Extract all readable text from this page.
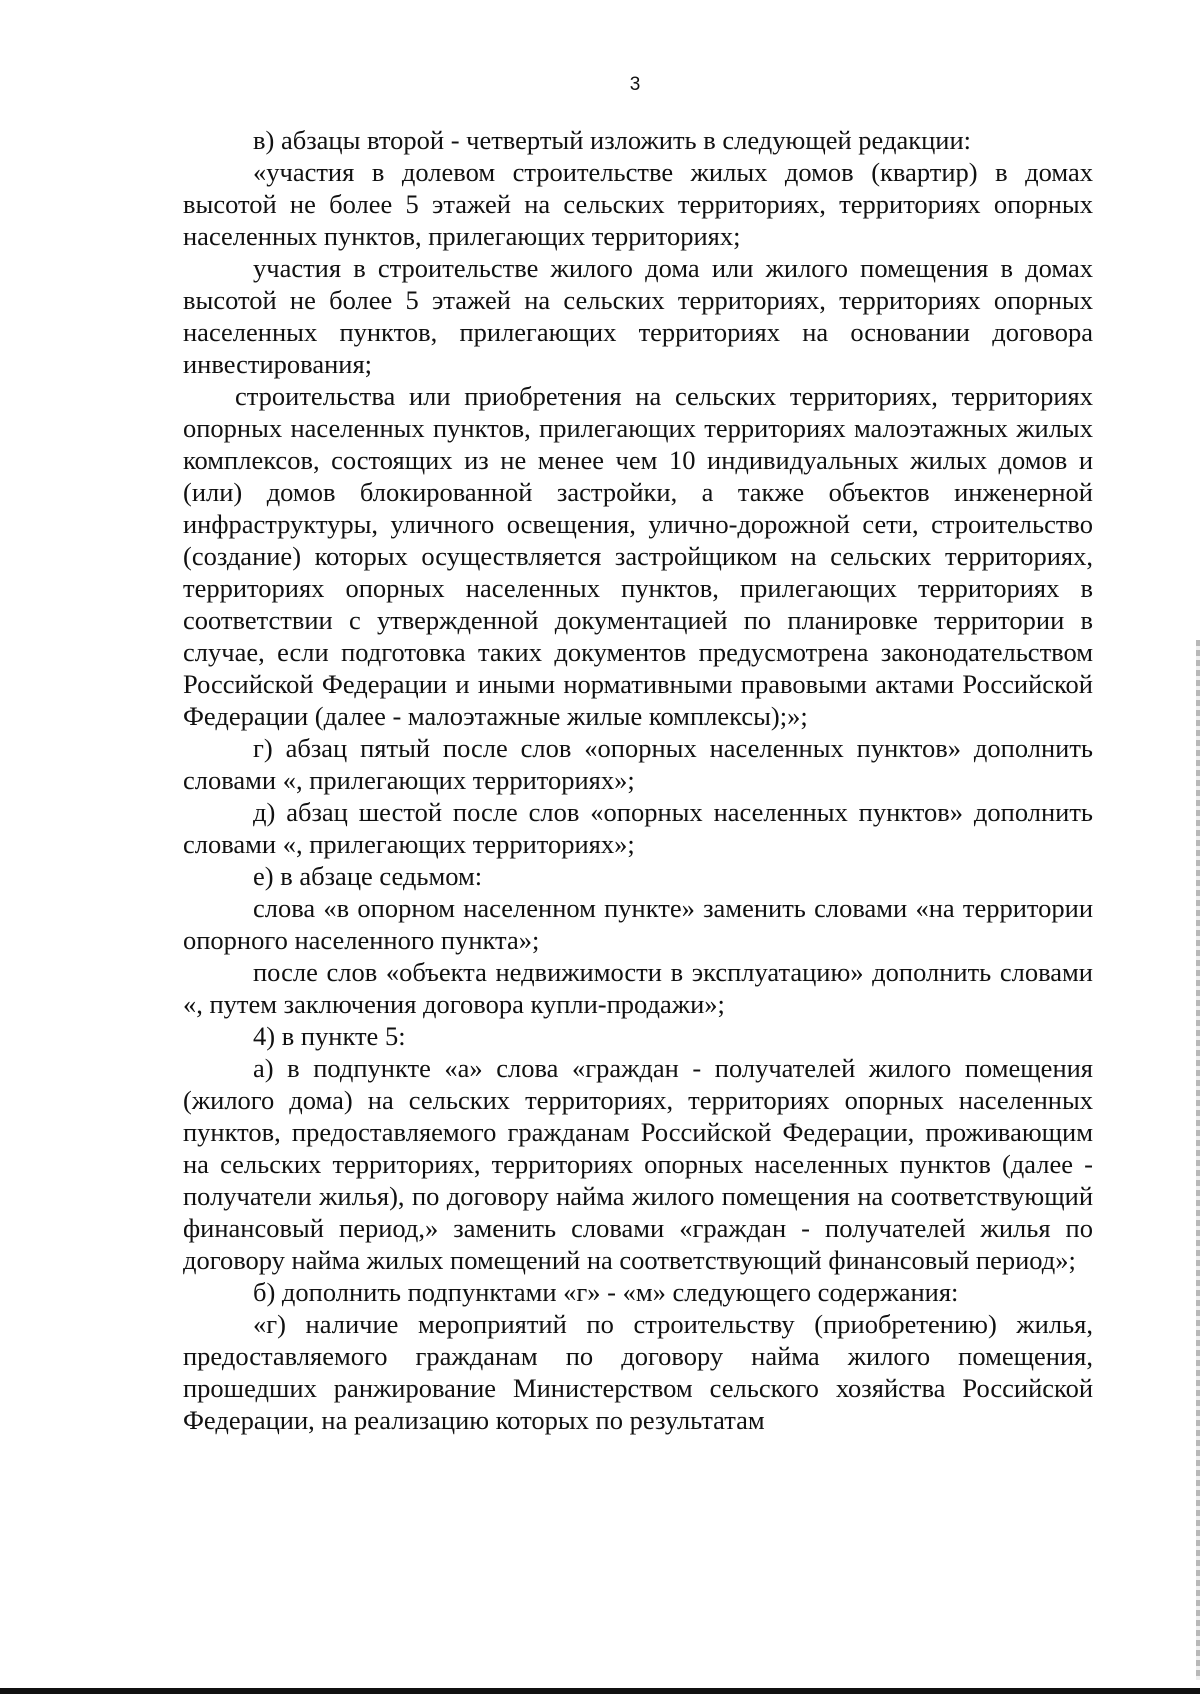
3

в) абзацы второй - четвертый изложить в следующей редакции:

«участия в долевом строительстве жилых домов (квартир) в домах высотой не более 5 этажей на сельских территориях, территориях опорных населенных пунктов, прилегающих территориях;

участия в строительстве жилого дома или жилого помещения в домах высотой не более 5 этажей на сельских территориях, территориях опорных населенных пунктов, прилегающих территориях на основании договора инвестирования;

строительства или приобретения на сельских территориях, территориях опорных населенных пунктов, прилегающих территориях малоэтажных жилых комплексов, состоящих из не менее чем 10 индивидуальных жилых домов и (или) домов блокированной застройки, а также объектов инженерной инфраструктуры, уличного освещения, улично-дорожной сети, строительство (создание) которых осуществляется застройщиком на сельских территориях, территориях опорных населенных пунктов, прилегающих территориях в соответствии с утвержденной документацией по планировке территории в случае, если подготовка таких документов предусмотрена законодательством Российской Федерации и иными нормативными правовыми актами Российской Федерации (далее - малоэтажные жилые комплексы);»;

г) абзац пятый после слов «опорных населенных пунктов» дополнить словами «, прилегающих территориях»;

д) абзац шестой после слов «опорных населенных пунктов» дополнить словами «, прилегающих территориях»;

е) в абзаце седьмом:

слова «в опорном населенном пункте» заменить словами «на территории опорного населенного пункта»;

после слов «объекта недвижимости в эксплуатацию» дополнить словами «, путем заключения договора купли-продажи»;

4) в пункте 5:

а) в подпункте «а» слова «граждан - получателей жилого помещения (жилого дома) на сельских территориях, территориях опорных населенных пунктов, предоставляемого гражданам Российской Федерации, проживающим на сельских территориях, территориях опорных населенных пунктов (далее - получатели жилья), по договору найма жилого помещения на соответствующий финансовый период,» заменить словами «граждан - получателей жилья по договору найма жилых помещений на соответствующий финансовый период»;

б) дополнить подпунктами «г» - «м» следующего содержания:

«г) наличие мероприятий по строительству (приобретению) жилья, предоставляемого гражданам по договору найма жилого помещения, прошедших ранжирование Министерством сельского хозяйства Российской Федерации, на реализацию которых по результатам
